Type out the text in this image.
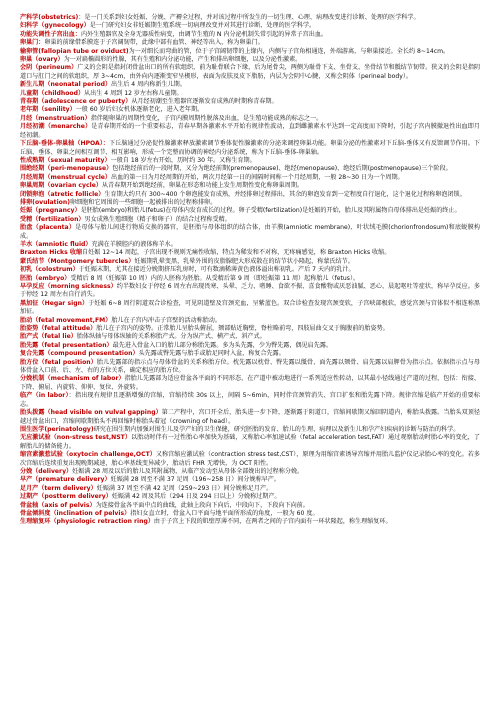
产科学(obstetrics)：是一门关系到妇女妊娠、分娩、产褥全过程，并对该过程中所发生的一切生理、心理、病理改变进行诊断、处理的医学科学。

妇科学（gynecology）是一门研究妇女非妊娠期生殖系统一切病理改变并对其进行诊断、处理的医学科学。

功能失调性子宫出血：内外生殖器官及全身无器质性病变，由调节生殖的 N 内分泌机制失常引起的异常子宫出血。

卵巢门：卵巢的前缘借系膜连于子宫阔韧带，此缘中部有血管、神经等出入，称为卵巢门。

输卵管(fallopian tube or oviduct)为一对细长而弯曲的管，位于子宫阔韧带的上缘内，内侧与子宫角相通连，外端游离，与卵巢接近。全长约 8~14cm。

卵巢（ovary）为一对扁椭圆形的性腺，其有生殖和内分泌功能，产生和排出卵细胞，以及分泌性激素。

会阴（perineum）广义的会阴是指封闭骨盆出口的所有软组织，前为耻骨联合下缘，后为尾骨尖，两侧为耻骨下支、坐骨支、坐骨结节和骶结节韧带。狭义的会阴是指阴道口与肛门之间的软组织，厚 3~4cm，由外向内逐渐变窄呈楔形，表面为皮肤及皮下脂肪，内层为会阴中心腱，又称会阴体（perineal body）。

新生儿期（neonatal period）出生后 4 周内称新生儿期。

儿童期（childhood）从出生 4 周到 12 岁左右称儿童期。

青春期（adolescence or puberty）从月经初潮至生殖器官逐渐发育成熟的时期称青春期。

老年期（senility）一般 60 岁后妇女机体逐渐老化，进入老年期。

月经（menstruation）指伴随卵巢的周期性变化，子宫内膜周期性脱落及出血，是生殖功能成熟的标志之一。

月经初潮（menarche）是青春期开始的一个重要标志，青春早期各激素水平开始有规律性波动，直到雌激素水平达到一定高度而下降时，引起子宫内膜撤退性出血即月经初潮。

下丘脑-垂体-卵巢轴（HPOA）：下丘脑通过分泌促性腺激素释放激素调节垂体促性腺激素的分泌来调控卵巢功能。卵巢分泌的性激素对下丘脑-垂体又有反馈调节作用。下丘脑、垂体、卵巢之间相互调节、相互影响，形成一个完整而协调的神经内分泌系统，称为下丘脑-垂体-卵巢轴。

性成熟期（sexual maturity）一般自 18 岁左右开始，历时约 30 年。又称生育期。

围绝经期（peri-menopause）包括绝经前后的一段时期，又分为绝经前期(premenopause)、绝经(menopause)、绝经后期(postmenopause)三个阶段。

月经周期（menstrual cycle）出血的第一日为月经周期的开始，两次月经第一日的间隔时间称一个月经周期，一般 28~30 日为一个周期。

卵巢周期（ovarian cycle）从青春期开始到绝经前，卵巢在形态和功能上发生周期性变化称卵巢周期。

闭锁卵泡（atretic follicle）生育期大约只有 300~400 个卵泡能发育成熟，并经排卵过程排出，其余的卵泡发育到一定程度自行退化，这个退化过程称卵泡闭锁。

排卵(ovulation)卵细胞和它周围的一些细胞一起被排出的过程称排卵。

妊娠（pregnancy）是胚胎(embryo)和胎儿(fetus)在母体内发育成长的过程。卵子受精(fertilization)是妊娠的开始，胎儿及其附属物自母体排出是妊娠的终止。

受精（fertilization）男女成熟生殖细胞（精子和卵子）的结合过程称受精。

胎盘（placenta）是母体与胎儿间进行物质交换的器官，是胚胎与母体组织的结合体，由羊膜(amniotic membrane)、叶状绒毛膜(chorionfrondosum)和底蜕膜构成。

羊水（amniotic fluid）充满在羊膜腔内的液体称羊水。

Braxton Hicks 收缩自妊娠 12~14 周起，子宫出现不规则无痛性收缩，特点为稀发和不对称，无疼痛感觉，称 Braxton Hicks 收缩。

蒙氏结节（Montgomery tubercles）妊娠期乳晕变黑，乳晕外围的皮脂腺肥大形成散在的结节状小隆起，称蒙氏结节。

初乳（colostrum）于妊娠末期，尤其在接近分娩期挤压乳房时，可有数滴稀薄黄色液体溢出称初乳。产后 7 天内的乳汁。

胚胎（embryo）受精后 8 周（妊娠第 10 周）内的人胚称为胚胎。从受精后第 9 周（即妊娠第 11 周）起称胎儿（fetus）。

早孕反应（morning sickness）约半数妇女于停经 6 周左右出现畏寒、头晕、乏力、嗜睡、食欲不振、喜食酸物或厌恶油腻、恶心、晨起呕吐等症状，称早孕反应。多于停经 12 周左右自行消失。

黑加征（Hegar sign）于妊娠 6~8 周行阴道双合诊检查，可见阴道壁及宫颈充血，呈紫蓝色。双合诊检查发现宫颈变软，子宫峡部极软，感觉宫颈与宫体似不相连称黑加征。

胎动（fetal movement,FM）胎儿在子宫内冲击子宫壁的活动称胎动。

胎姿势（fetal attitude）胎儿在子宫内的姿势。正常胎儿呈胎头俯屈，颏部贴近胸壁，脊柱略前弯，四肢屈曲交叉于胸腹前的胎姿势。

胎产式（fetal lie）胎体纵轴与母体纵轴的关系称胎产式。分为纵产式、横产式、斜产式。

胎先露（fetal presentation）最先进入骨盆入口的胎儿部分称胎先露。多为头先露，少为臀先露，偶见肩先露。

复合先露（compound presentation）头先露或臀先露与胎手或胎足同时入盆，称复合先露。

胎方位（fetal position）胎儿先露部的指示点与母体骨盆的关系称胎方位。枕先露以枕骨、臀先露以骶骨、面先露以颏骨、肩先露以肩胛骨为指示点。依据指示点与母体骨盆入口前、后、左、右的方位关系，确定相应的胎方位。

分娩机制（mechanism of labor）指胎儿先露部为适应骨盆各平面的不同形态，在产道中被动地进行一系列适应性转动，以其最小径线通过产道的过程，包括：衔接、下降、俯屈、内旋转、仰伸、复位、外旋转。

临产（in labor）：指出现有规律且逐渐增强的宫缩，宫缩持续 30s 以上，间隔 5~6min，同时伴宫颈管消失、宫口扩张和胎先露下降。规律宫缩是临产开始的重要标志。

胎头拨露（head visible on vulval gapping）第二产程中，宫口开全后，胎头进一步下降，逐渐露于阴道口，宫缩间歇期又缩回阴道内，称胎头拨露。当胎头双顶径越过骨盆出口，宫缩间歇期胎头不再回缩时称胎头着冠（crowning of head）。

围生医学(perinatology)研究在围生期内加强对围生儿及孕产妇的卫生保健，研究胚胎的发育、胎儿的生理、病理以及新生儿和孕产妇疾病的诊断与防治的科学。

无应激试验（non-stress test,NST）以胎动时伴有一过性胎心率加快为基础，又称胎心率加速试验（fetal acceleration test,FAT）通过观察胎动时胎心率的变化，了解胎儿的储备能力。

缩宫素激惹试验（oxytocin challenge,OCT）又称宫缩应激试验（contraction stress test,CST），原理为用缩宫素诱导宫缩并用胎儿监护仪记录胎心率的变化。若多次宫缩后连续重复出现晚期减速，胎心率基线变异减少，胎动后 FHR 无增快，为 OCT 阳性。

分娩（delivery）妊娠满 28 周及以后的胎儿及其附属物，从临产发动至从母体全部娩出的过程称分娩。

早产（premature delivery）妊娠满 28 周至不满 37 足周（196~258 日）间分娩称早产。

足月产（term delivery）妊娠满 37 周至不满 42 足周（259~293 日）间分娩称足月产。

过期产（postterm delivery）妊娠满 42 周及其后（294 日及 294 日以上）分娩称过期产。

骨盆轴（axis of pelvis）为连接骨盆各平面中点的曲线，此轴上段向下向后，中段向下，下段向下向前。

骨盆倾斜度（inclination of pelvis）指妇女直立时，骨盆入口平面与地平面所形成的角度，一般为 60 度。

生理缩复环（physiologic retraction ring）由于子宫上下段的肌壁厚薄不同，在两者之间的子宫内面有一环状隆起，称生理缩复环。
